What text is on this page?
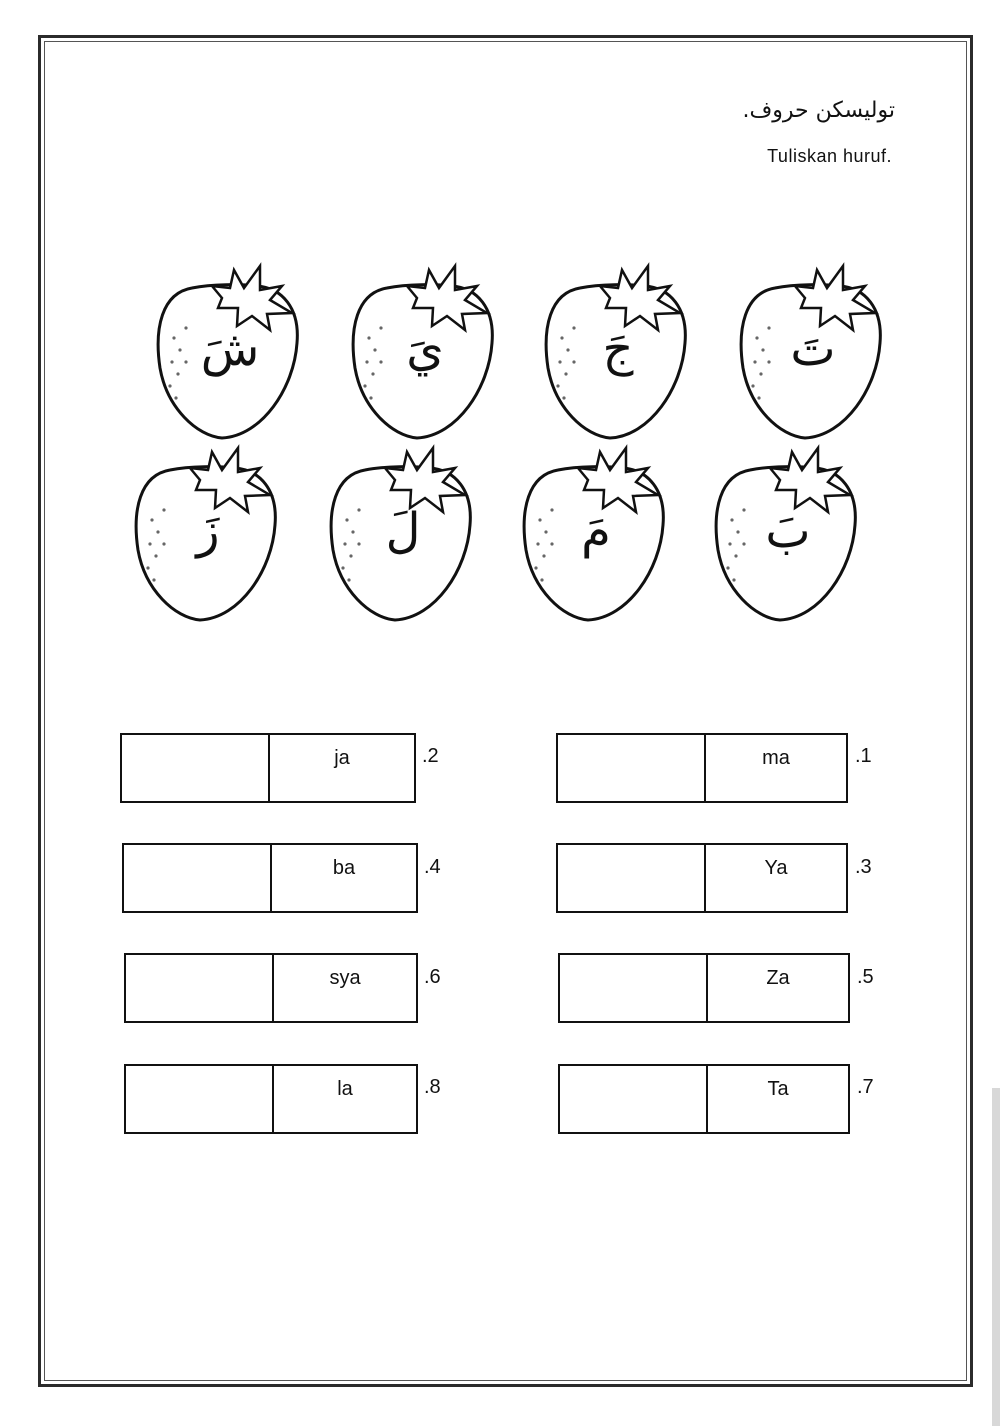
توليسكن حروف.
Tuliskan huruf.
شَ	يَ	جَ	تَ
زَ	لَ	مَ	بَ
ma	.1
ja	.2
Ya	.3
ba	.4
Za	.5
sya	.6
Ta	.7
la	.8
